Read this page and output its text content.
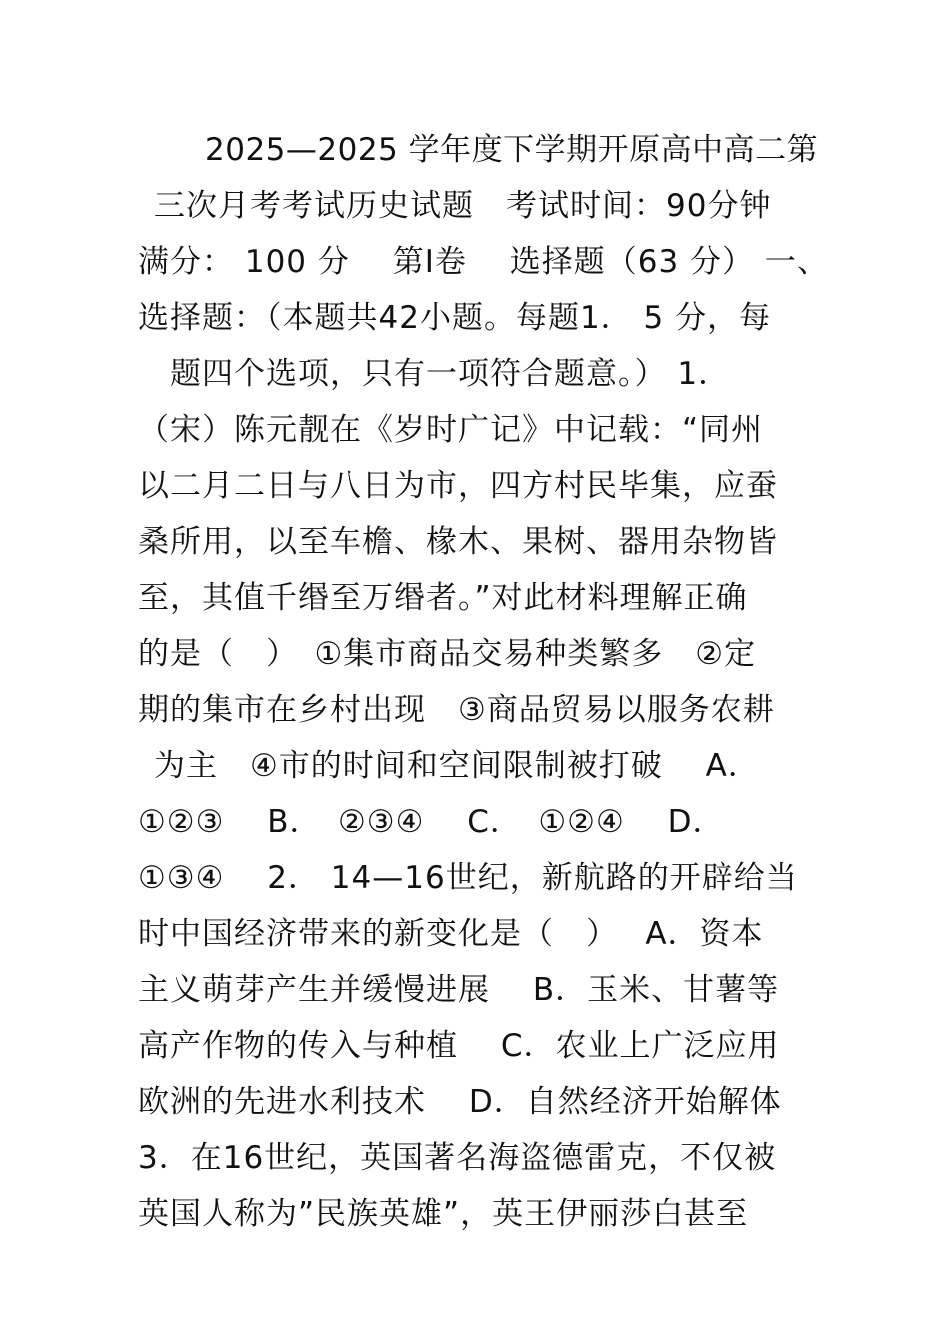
2025—2025 学年度下学期开原高中高二第
三次月考考试历史试题　考试时间：90分钟
满分： 100 分　 第Ⅰ卷　 选择题（63 分） 一、
选择题：（本题共42小题。每题1． 5 分，每
题四个选项，只有一项符合题意。） 1．
（宋）陈元靓在《岁时广记》中记载：“同州
以二月二日与八日为市，四方村民毕集，应蚕
桑所用，以至车檐、椽木、果树、器用杂物皆
至，其值千缗至万缗者。”对此材料理解正确
的是（　）　①集市商品交易种类繁多　②定
期的集市在乡村出现　③商品贸易以服务农耕
为主　④市的时间和空间限制被打破　 A．
①②③　 B．　②③④　 C．　①②④　 D．
①③④　 2． 14—16世纪，新航路的开辟给当
时中国经济带来的新变化是（　）　 A．资本
主义萌芽产生并缓慢进展　 B．玉米、甘薯等
高产作物的传入与种植　 C．农业上广泛应用
欧洲的先进水利技术　 D．自然经济开始解体
3．在16世纪，英国著名海盗德雷克，不仅被
英国人称为”民族英雄”，英王伊丽莎白甚至
